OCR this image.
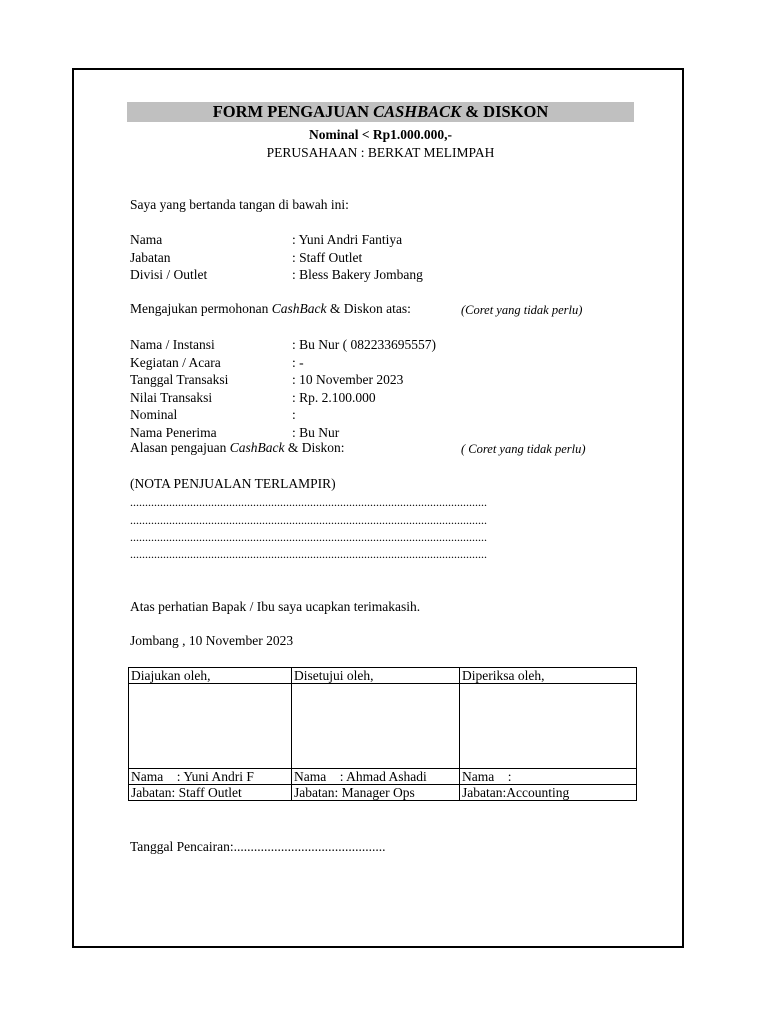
FORM PENGAJUAN CASHBACK & DISKON
Nominal < Rp1.000.000,-
PERUSAHAAN : BERKAT MELIMPAH
Saya yang bertanda tangan di bawah ini:
Nama	: Yuni Andri Fantiya
Jabatan	: Staff Outlet
Divisi / Outlet	: Bless Bakery Jombang
Mengajukan permohonan CashBack & Diskon atas:	(Coret yang tidak perlu)
Nama / Instansi	: Bu Nur ( 082233695557)
Kegiatan / Acara	: -
Tanggal Transaksi	: 10 November 2023
Nilai Transaksi	: Rp. 2.100.000
Nominal	:
Nama Penerima	: Bu Nur
Alasan pengajuan CashBack & Diskon:	( Coret yang tidak perlu)
(NOTA PENJUALAN TERLAMPIR)
.......................................................................................................................
.......................................................................................................................
.......................................................................................................................
.......................................................................................................................
Atas perhatian Bapak / Ibu saya ucapkan terimakasih.
Jombang , 10 November 2023
Diajukan oleh,	Disetujui oleh,	Diperiksa oleh,

Nama    : Yuni Andri F	Nama    : Ahmad Ashadi	Nama    :
Jabatan: Staff Outlet	Jabatan: Manager Ops	Jabatan:Accounting
Tanggal Pencairan:.............................................
